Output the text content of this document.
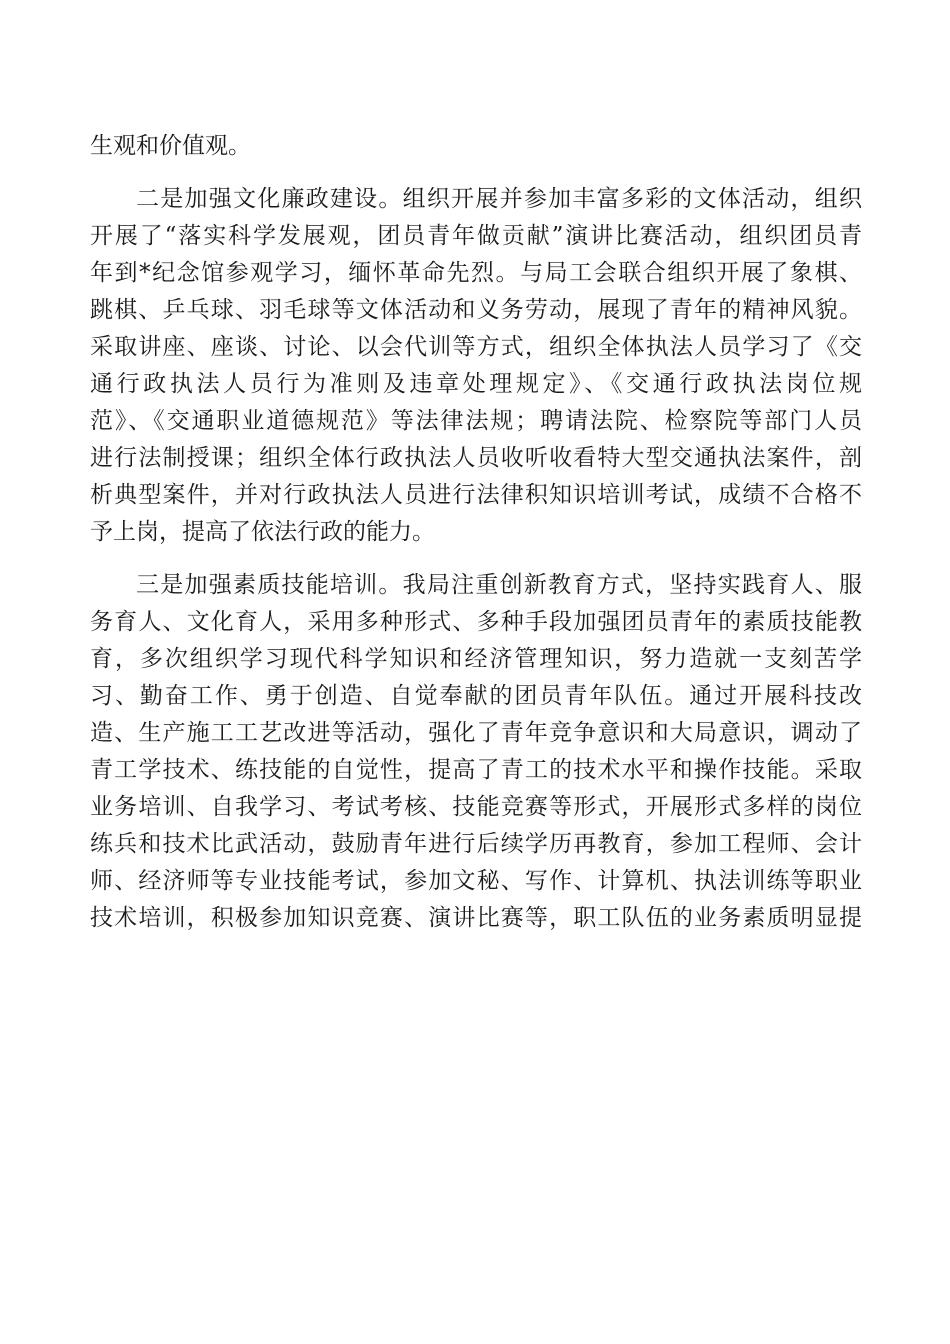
生观和价值观。
二是加强文化廉政建设。组织开展并参加丰富多彩的文体活动，组织
开展了“落实科学发展观，团员青年做贡献”演讲比赛活动，组织团员青
年到*纪念馆参观学习，缅怀革命先烈。与局工会联合组织开展了象棋、
跳棋、乒乓球、羽毛球等文体活动和义务劳动，展现了青年的精神风貌。
采取讲座、座谈、讨论、以会代训等方式，组织全体执法人员学习了《交
通行政执法人员行为准则及违章处理规定》、《交通行政执法岗位规
范》、《交通职业道德规范》等法律法规；聘请法院、检察院等部门人员
进行法制授课；组织全体行政执法人员收听收看特大型交通执法案件，剖
析典型案件，并对行政执法人员进行法律积知识培训考试，成绩不合格不
予上岗，提高了依法行政的能力。
三是加强素质技能培训。我局注重创新教育方式，坚持实践育人、服
务育人、文化育人，采用多种形式、多种手段加强团员青年的素质技能教
育，多次组织学习现代科学知识和经济管理知识，努力造就一支刻苦学
习、勤奋工作、勇于创造、自觉奉献的团员青年队伍。通过开展科技改
造、生产施工工艺改进等活动，强化了青年竞争意识和大局意识，调动了
青工学技术、练技能的自觉性，提高了青工的技术水平和操作技能。采取
业务培训、自我学习、考试考核、技能竞赛等形式，开展形式多样的岗位
练兵和技术比武活动，鼓励青年进行后续学历再教育，参加工程师、会计
师、经济师等专业技能考试，参加文秘、写作、计算机、执法训练等职业
技术培训，积极参加知识竞赛、演讲比赛等，职工队伍的业务素质明显提
